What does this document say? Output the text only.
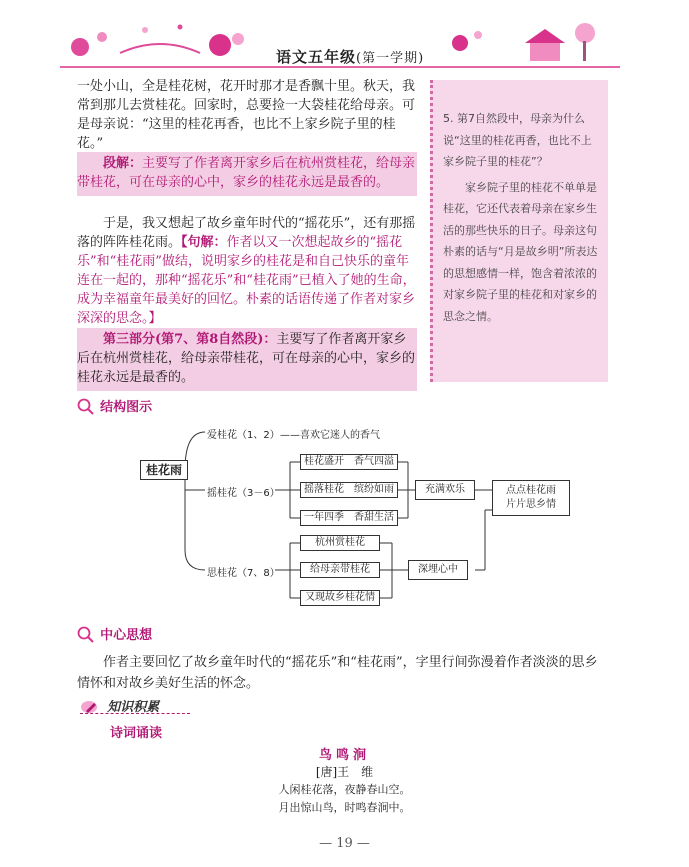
语文五年级(第一学期)
一处小山，全是桂花树，花开时那才是香飘十里。秋天，我常到那儿去赏桂花。回家时，总要捡一大袋桂花给母亲。可是母亲说：“这里的桂花再香，也比不上家乡院子里的桂花。”
段解：主要写了作者离开家乡后在杭州赏桂花，给母亲带桂花，可在母亲的心中，家乡的桂花永远是最香的。
于是，我又想起了故乡童年时代的“摇花乐”，还有那摇落的阵阵桂花雨。【句解：作者以又一次想起故乡的“摇花乐”和“桂花雨”做结，说明家乡的桂花是和自己快乐的童年连在一起的，那种“摇花乐”和“桂花雨”已植入了她的生命，成为幸福童年最美好的回忆。朴素的话语传递了作者对家乡深深的思念。】
第三部分(第7、第8自然段)：主要写了作者离开家乡后在杭州赏桂花，给母亲带桂花，可在母亲的心中，家乡的桂花永远是最香的。

5. 第7自然段中，母亲为什么说“这里的桂花再香，也比不上家乡院子里的桂花”？

家乡院子里的桂花不单单是桂花，它还代表着母亲在家乡生活的那些快乐的日子。母亲这句朴素的话与“月是故乡明”所表达的思想感情一样，饱含着浓浓的对家乡院子里的桂花和对家乡的思念之情。

结构图示
桂花雨
爱桂花（1、2） ——喜欢它迷人的香气
摇桂花（3－6）
桂花盛开　香气四溢
摇落桂花　缤纷如雨
一年四季　香甜生活
充满欢乐	点点桂花雨
片片思乡情
思桂花（7、8）
杭州赏桂花
给母亲带桂花
又现故乡桂花情
深埋心中
中心思想
作者主要回忆了故乡童年时代的“摇花乐”和“桂花雨”，字里行间弥漫着作者淡淡的思乡情怀和对故乡美好生活的怀念。
知识积累
诗词诵读
鸟鸣涧
[唐]王　维
人闲桂花落，夜静春山空。
月出惊山鸟，时鸣春涧中。
— 19 —
